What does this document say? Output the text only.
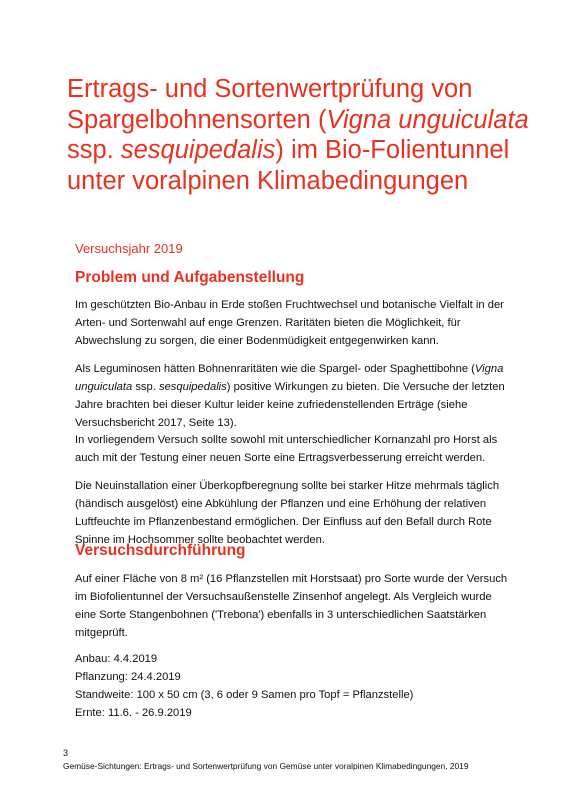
Ertrags- und Sortenwertprüfung von Spargelbohnensorten (Vigna unguiculata ssp. sesquipedalis) im Bio-Folientunnel unter voralpinen Klimabedingungen

Versuchsjahr 2019

Problem und Aufgabenstellung

Im geschützten Bio-Anbau in Erde stoßen Fruchtwechsel und botanische Vielfalt in der Arten- und Sortenwahl auf enge Grenzen. Raritäten bieten die Möglichkeit, für Abwechslung zu sorgen, die einer Bodenmüdigkeit entgegenwirken kann.

Als Leguminosen hätten Bohnenraritäten wie die Spargel- oder Spaghettibohne (Vigna unguiculata ssp. sesquipedalis) positive Wirkungen zu bieten. Die Versuche der letzten Jahre brachten bei dieser Kultur leider keine zufriedenstellenden Erträge (siehe Versuchsbericht 2017, Seite 13).

In vorliegendem Versuch sollte sowohl mit unterschiedlicher Kornanzahl pro Horst als auch mit der Testung einer neuen Sorte eine Ertragsverbesserung erreicht werden.

Die Neuinstallation einer Überkopfberegnung sollte bei starker Hitze mehrmals täglich (händisch ausgelöst) eine Abkühlung der Pflanzen und eine Erhöhung der relativen Luftfeuchte im Pflanzenbestand ermöglichen. Der Einfluss auf den Befall durch Rote Spinne im Hochsommer sollte beobachtet werden.

Versuchsdurchführung

Auf einer Fläche von 8 m² (16 Pflanzstellen mit Horstsaat) pro Sorte wurde der Versuch im Biofolientunnel der Versuchsaußenstelle Zinsenhof angelegt. Als Vergleich wurde eine Sorte Stangenbohnen ('Trebona') ebenfalls in 3 unterschiedlichen Saatstärken mitgeprüft.

Anbau: 4.4.2019
Pflanzung: 24.4.2019
Standweite: 100 x 50 cm (3, 6 oder 9 Samen pro Topf = Pflanzstelle)
Ernte: 11.6. - 26.9.2019
3
Gemüse-Sichtungen: Ertrags- und Sortenwertprüfung von Gemüse unter voralpinen Klimabedingungen, 2019
